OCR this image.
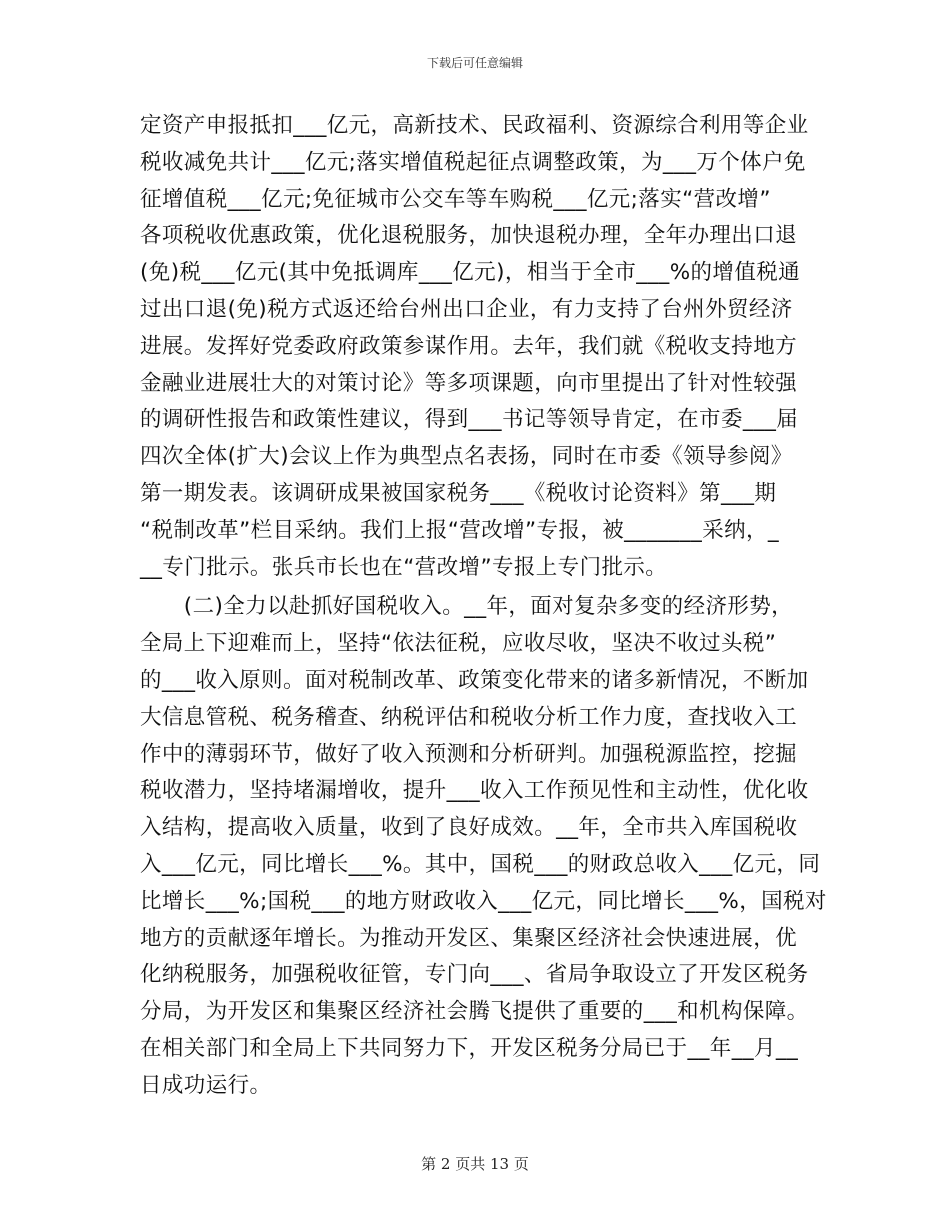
下载后可任意编辑
定资产申报抵扣___亿元，高新技术、民政福利、资源综合利用等企业
税收减免共计___亿元;落实增值税起征点调整政策，为___万个体户免
征增值税___亿元;免征城市公交车等车购税___亿元;落实“营改增”
各项税收优惠政策，优化退税服务，加快退税办理，全年办理出口退
(免)税___亿元(其中免抵调库___亿元)，相当于全市___%的增值税通
过出口退(免)税方式返还给台州出口企业，有力支持了台州外贸经济
进展。发挥好党委政府政策参谋作用。去年，我们就《税收支持地方
金融业进展壮大的对策讨论》等多项课题，向市里提出了针对性较强
的调研性报告和政策性建议，得到___书记等领导肯定，在市委___届
四次全体(扩大)会议上作为典型点名表扬，同时在市委《领导参阅》
第一期发表。该调研成果被国家税务___《税收讨论资料》第___期
“税制改革”栏目采纳。我们上报“营改增”专报，被_______采纳，_
__专门批示。张兵市长也在“营改增”专报上专门批示。
　　(二)全力以赴抓好国税收入。__年，面对复杂多变的经济形势，
全局上下迎难而上，坚持“依法征税，应收尽收，坚决不收过头税”
的___收入原则。面对税制改革、政策变化带来的诸多新情况，不断加
大信息管税、税务稽查、纳税评估和税收分析工作力度，查找收入工
作中的薄弱环节，做好了收入预测和分析研判。加强税源监控，挖掘
税收潜力，坚持堵漏增收，提升___收入工作预见性和主动性，优化收
入结构，提高收入质量，收到了良好成效。__年，全市共入库国税收
入___亿元，同比增长___%。其中，国税___的财政总收入___亿元，同
比增长___%;国税___的地方财政收入___亿元，同比增长___%，国税对
地方的贡献逐年增长。为推动开发区、集聚区经济社会快速进展，优
化纳税服务，加强税收征管，专门向___、省局争取设立了开发区税务
分局，为开发区和集聚区经济社会腾飞提供了重要的___和机构保障。
在相关部门和全局上下共同努力下，开发区税务分局已于__年__月__
日成功运行。
第 2 页共 13 页
